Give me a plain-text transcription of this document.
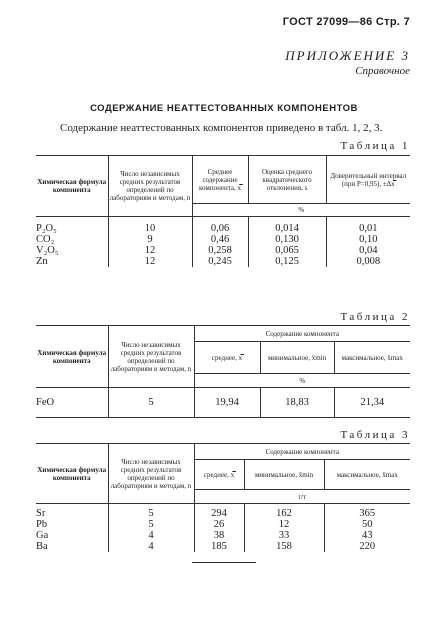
ГОСТ 27099—86 Стр. 7
ПРИЛОЖЕНИЕ 3
Справочное
СОДЕРЖАНИЕ НЕАТТЕСТОВАННЫХ КОМПОНЕНТОВ
Содержание неаттестованных компонентов приведено в табл. 1, 2, 3.
Таблица 1
Химическая формула компонента	Число независимых средних результатов определений по лабораториям и методам, n	Среднее содержание компонента, x̿	Оценка среднего квадратического отклонения, s	Доверительный интервал (при P=0,95), ±Δx̿
		%		

P₂O₅	10	0,06	0,014	0,01
CO₂	9	0,46	0,130	0,10
V₂O₅	12	0,258	0,065	0,04
Zn	12	0,245	0,125	0,008
Таблица 2
Химическая формула компонента	Число независимых средних результатов определений по лабораториям и методам, n	Содержание компонента		
		среднее, x̿	минимальное, x̄min	максимальное, x̄max
		%		
FeO	5	19,94	18,83	21,34
Таблица 3
Химическая формула компонента	Число независимых средних результатов определений по лабораториям и методам, n	Содержание компонента		
		среднее, x̿	минимальное, x̄min	максимальное, x̄max
		г/т		

Sr	5	294	162	365
Pb	5	26	12	50
Ga	4	38	33	43
Ba	4	185	158	220
